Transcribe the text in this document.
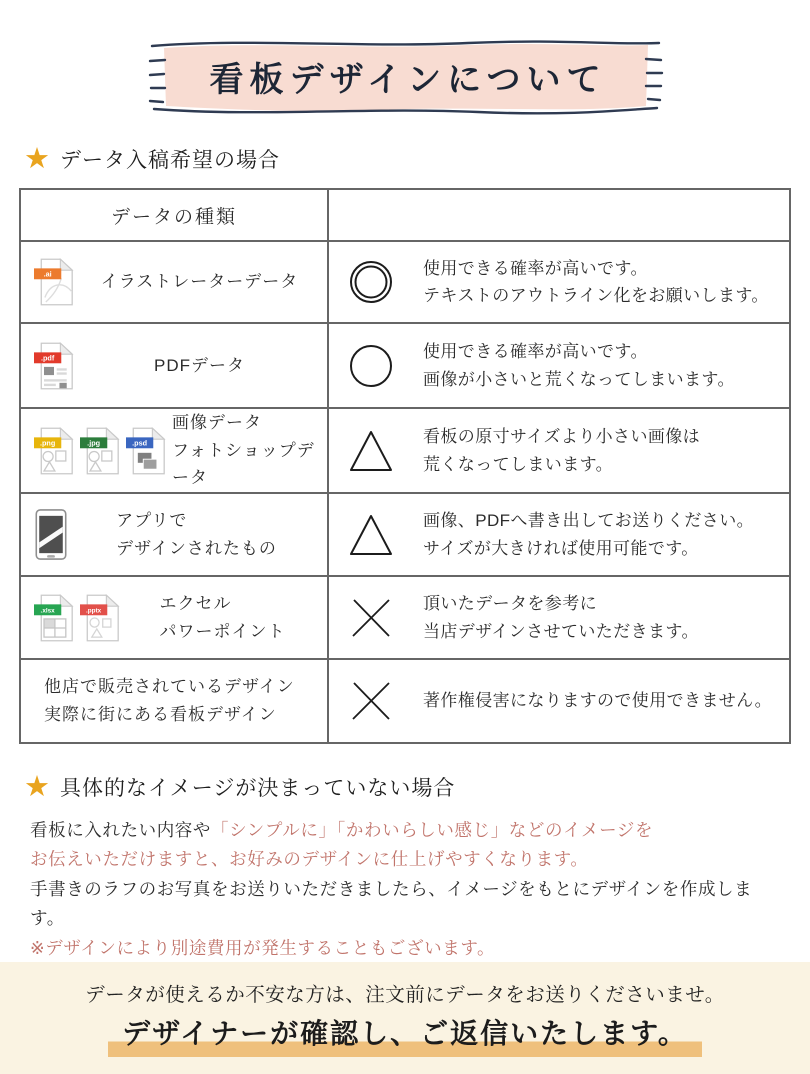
看板デザインについて
★ データ入稿希望の場合
データの種類	

.ai イラストレーターデータ	使用できる確率が高いです。
テキストのアウトライン化をお願いします。

.pdf PDFデータ	使用できる確率が高いです。
画像が小さいと荒くなってしまいます。

.png .jpg .psd
画像データ
フォトショップデータ	看板の原寸サイズより小さい画像は
荒くなってしまいます。

アプリで
デザインされたもの	画像、PDFへ書き出してお送りください。
サイズが大きければ使用可能です。

.xlsx .pptx エクセル
パワーポイント	頂いたデータを参考に
当店デザインさせていただきます。

他店で販売されているデザイン
実際に街にある看板デザイン	著作権侵害になりますので使用できません。
★ 具体的なイメージが決まっていない場合
看板に入れたい内容や「シンプルに」「かわいらしい感じ」などのイメージを
お伝えいただけますと、お好みのデザインに仕上げやすくなります。
手書きのラフのお写真をお送りいただきましたら、イメージをもとにデザインを作成します。
※デザインにより別途費用が発生することもございます。
データが使えるか不安な方は、注文前にデータをお送りくださいませ。
デザイナーが確認し、ご返信いたします。
